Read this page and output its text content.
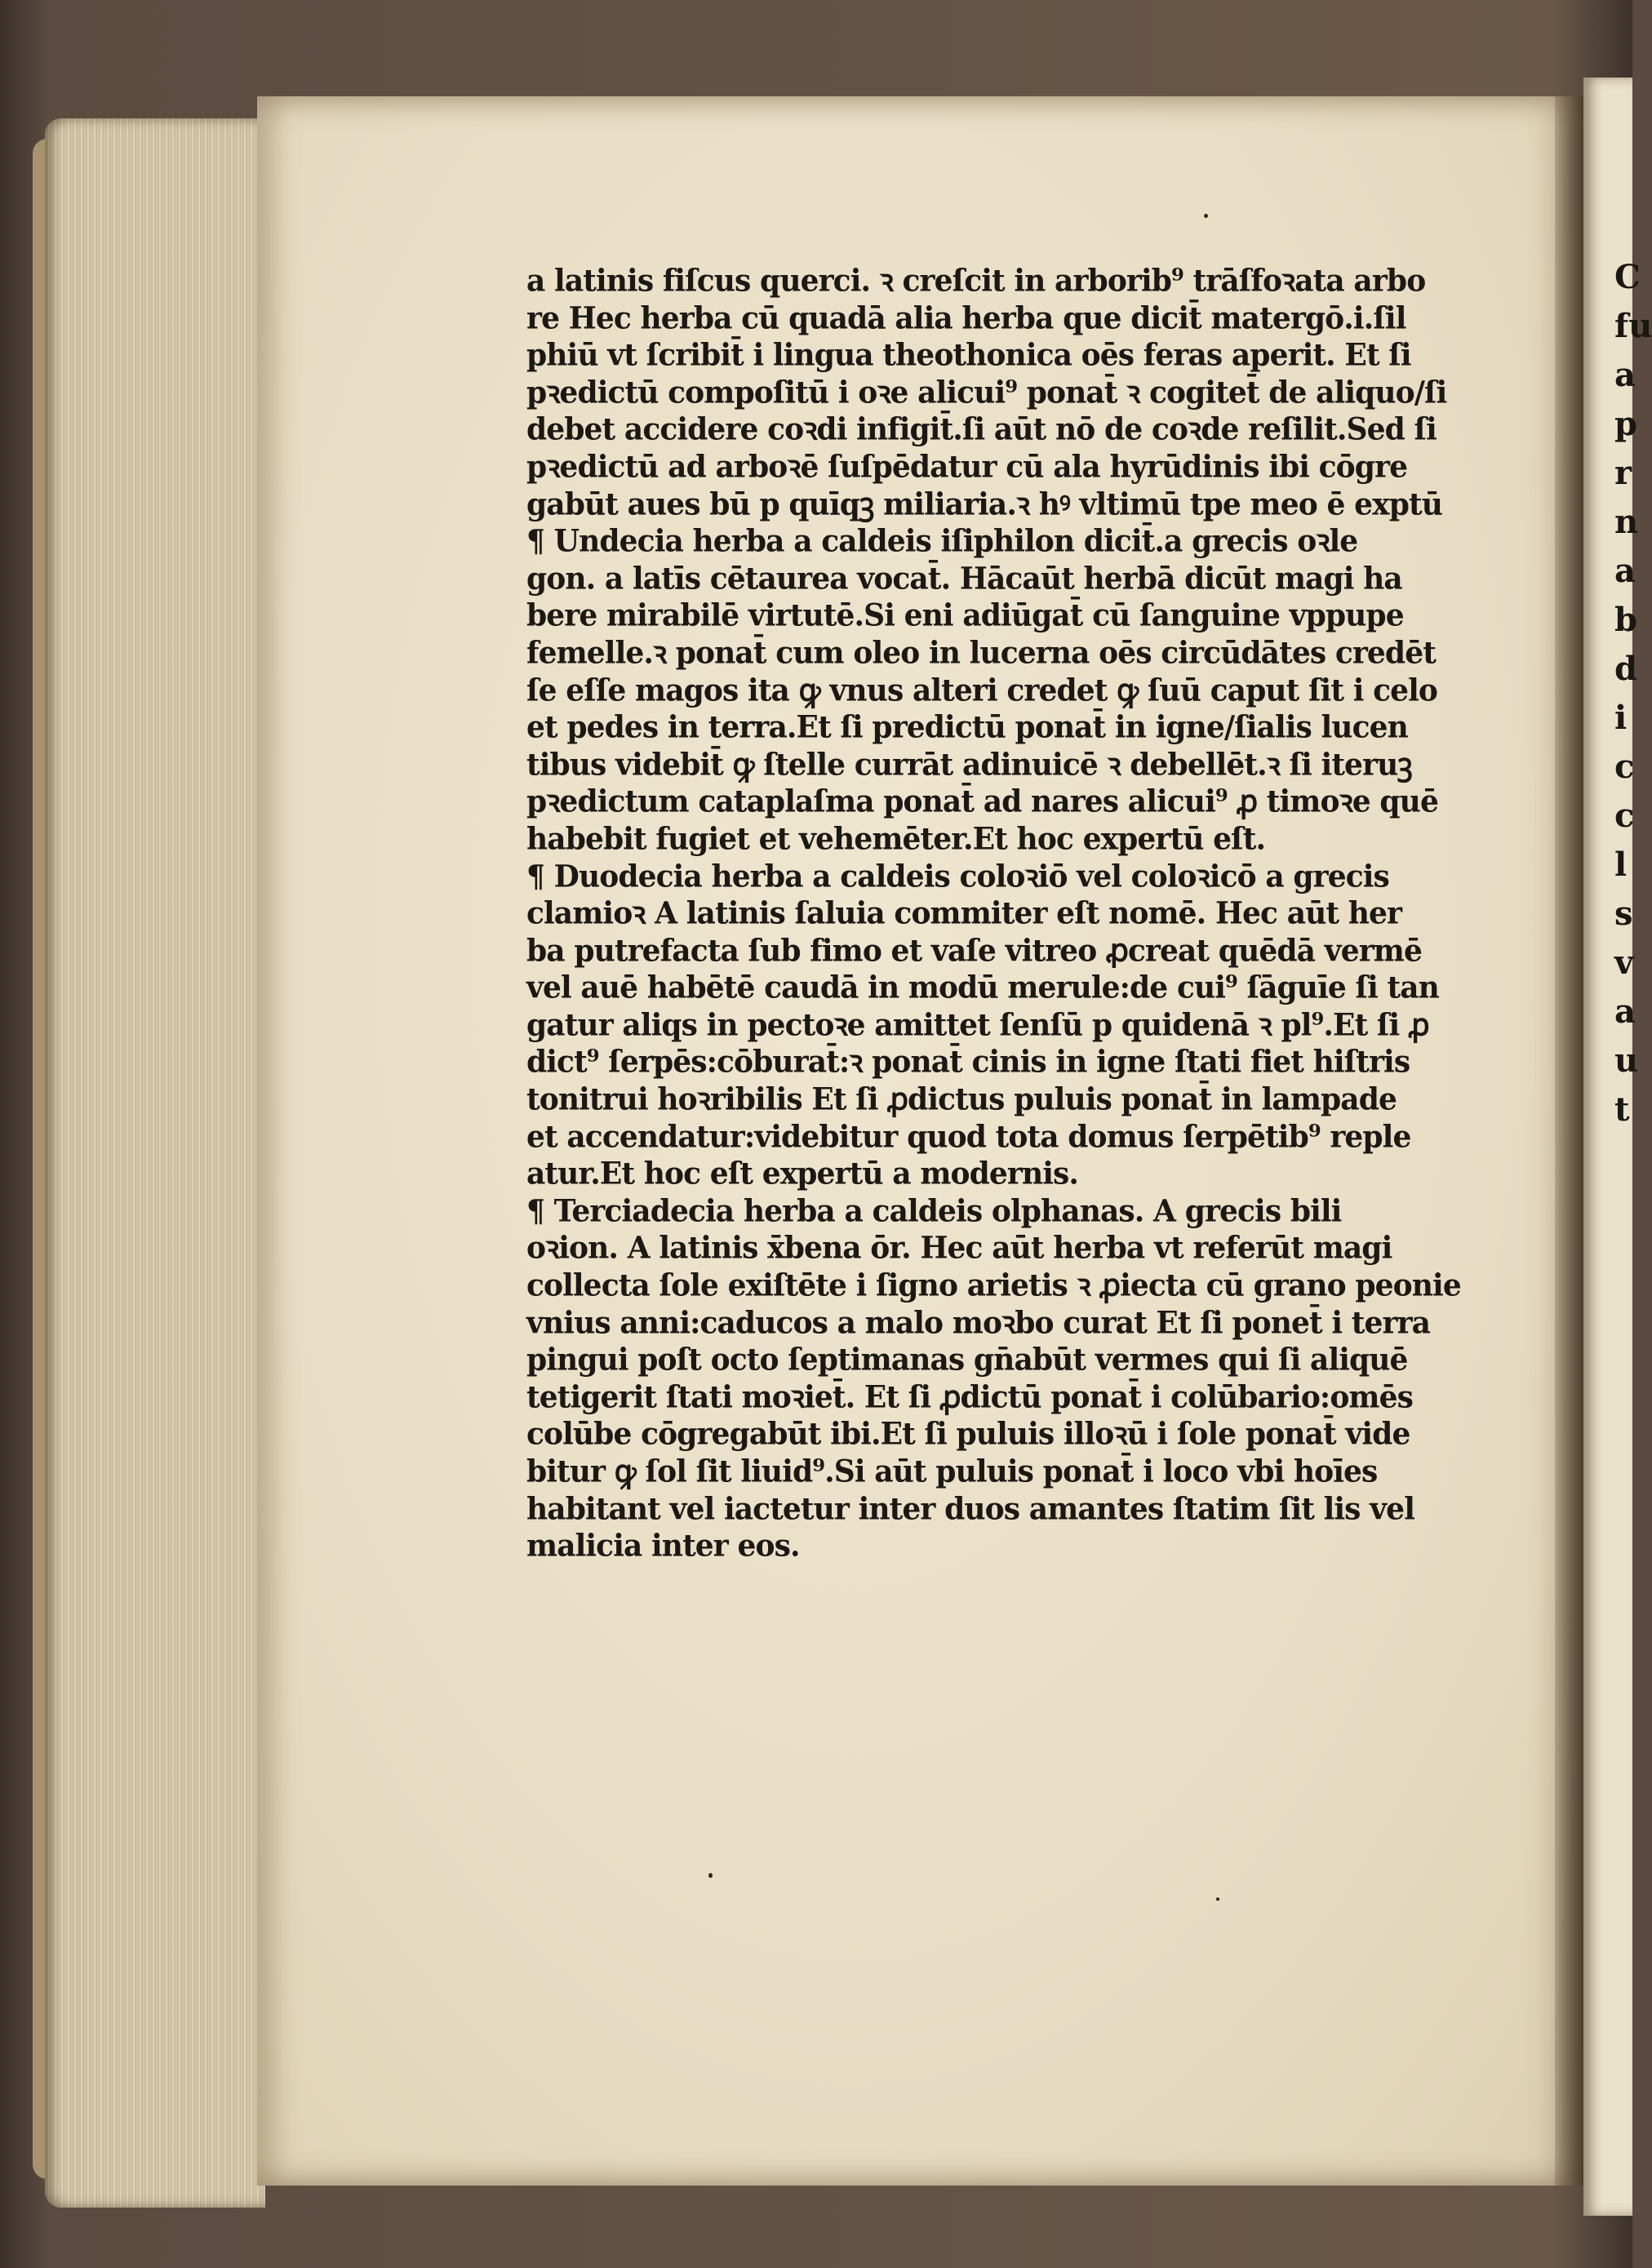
C
fu
a
p
r
n
a
b
d
i
c
c
l
s
v
a
u
t
a latinis fiſcus querci. ꝛ creſcit in arborib⁹ trāſfoꝛata arbo
re Hec herba cū quadā alia herba que dicit̄ matergō.i.ſil
phiū vt ſcribit̄ i lingua theothonica oēs feras aperit. Et ſi
pꝛedictū compoſitū i oꝛe alicui⁹ ponat̄ ꝛ cogitet̄ de aliquo/ſi
debet accidere coꝛdi infigit̄.ſi aūt nō de coꝛde reſilit.Sed ſi
pꝛedictū ad arboꝛē ſuſpēdatur cū ala hyrūdinis ibi cōgre
gabūt aues bū p quīqꝫ miliaria.ꝛ hꝰ vltimū tpe meo ē exptū
¶ Undecia herba a caldeis iſiphilon dicit̄.a grecis oꝛle
gon. a latīs cētaurea vocat̄. Hācaūt herbā dicūt magi ha
bere mirabilē virtutē.Si eni adiūgat̄ cū ſanguine vppupe
femelle.ꝛ ponat̄ cum oleo in lucerna oēs circūdātes credēt
ſe eſſe magos ita ꝙ vnus alteri credet ꝙ ſuū caput ſit i celo
et pedes in terra.Et ſi predictū ponat̄ in igne/ſialis lucen
tibus videbit̄ ꝙ ſtelle currāt adinuicē ꝛ debellēt.ꝛ ſi iteruꝫ
pꝛedictum cataplaſma ponat̄ ad nares alicui⁹ ꝓ timoꝛe quē
habebit fugiet et vehemēter.Et hoc expertū eſt.
¶ Duodecia herba a caldeis coloꝛiō vel coloꝛicō a grecis
clamioꝛ A latinis ſaluia commiter eſt nomē. Hec aūt her
ba putrefacta ſub fimo et vaſe vitreo ꝓcreat quēdā vermē
vel auē habētē caudā in modū merule:de cui⁹ ſāguīe ſi tan
gatur aliqs in pectoꝛe amittet ſenſū p quidenā ꝛ pl⁹.Et ſi ꝓ
dict⁹ ſerpēs:cōburat̄:ꝛ ponat̄ cinis in igne ſtati fiet hiſtris
tonitrui hoꝛribilis Et ſi ꝓdictus puluis ponat̄ in lampade
et accendatur:videbitur quod tota domus ſerpētib⁹ reple
atur.Et hoc eſt expertū a modernis.
¶ Terciadecia herba a caldeis olphanas. A grecis bili
oꝛion. A latinis x̄bena ōr. Hec aūt herba vt referūt magi
collecta ſole exiſtēte i ſigno arietis ꝛ ꝓiecta cū grano peonie
vnius anni:caducos a malo moꝛbo curat Et ſi ponet̄ i terra
pingui poſt octo ſeptimanas gn̄abūt vermes qui ſi aliquē
tetigerit ſtati moꝛiet̄. Et ſi ꝓdictū ponat̄ i colūbario:omēs
colūbe cōgregabūt ibi.Et ſi puluis illoꝛū i ſole ponat̄ vide
bitur ꝙ ſol ſit liuid⁹.Si aūt puluis ponat̄ i loco vbi hoīes
habitant vel iactetur inter duos amantes ſtatim ſit lis vel
malicia inter eos.
